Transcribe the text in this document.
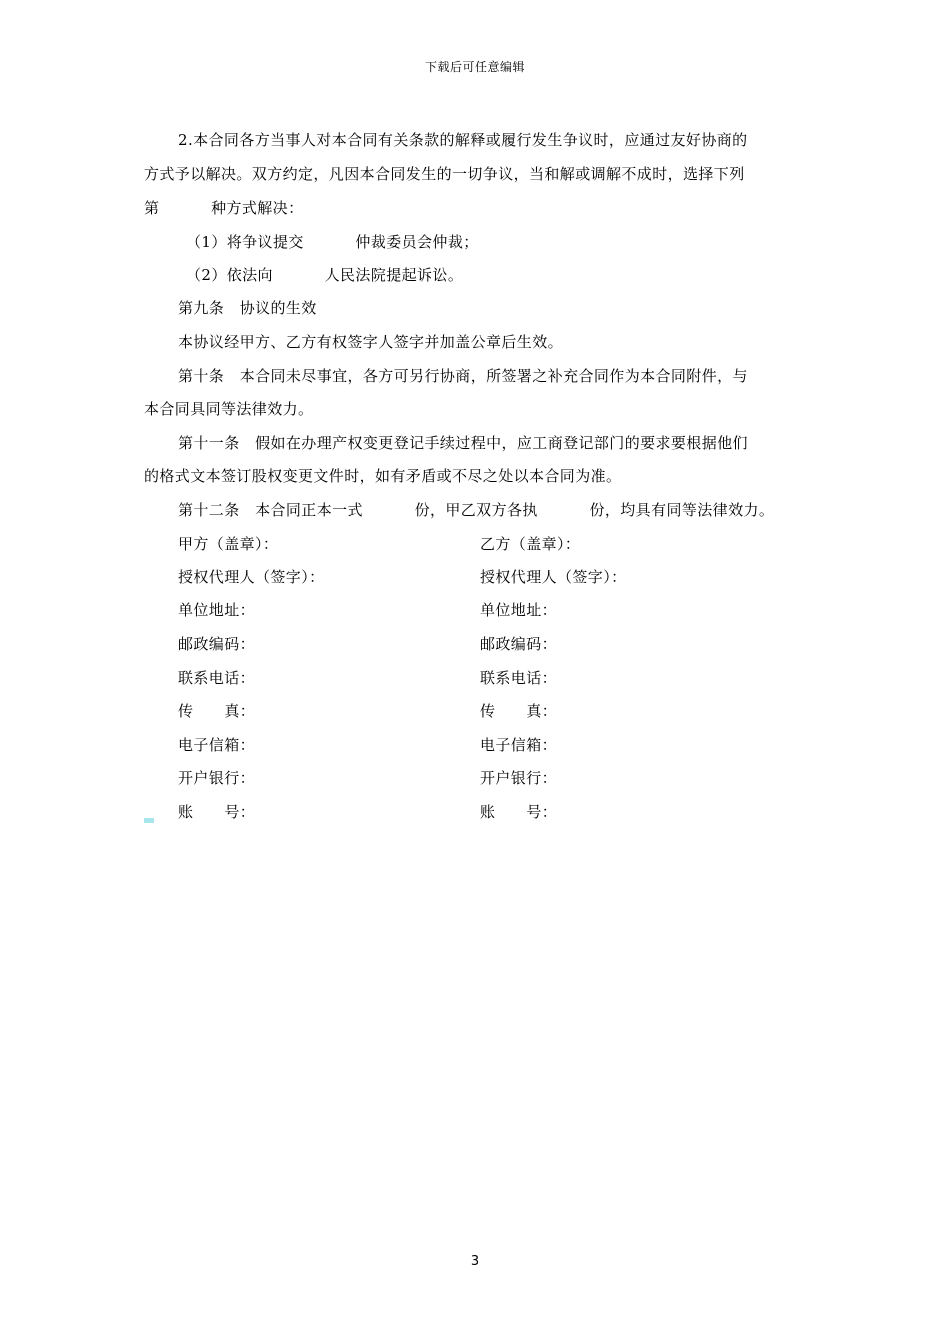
下载后可任意编辑
2.本合同各方当事人对本合同有关条款的解释或履行发生争议时，应通过友好协商的
方式予以解决。双方约定，凡因本合同发生的一切争议，当和解或调解不成时，选择下列
第          种方式解决：
（1）将争议提交          仲裁委员会仲裁；
（2）依法向          人民法院提起诉讼。
第九条   协议的生效
本协议经甲方、乙方有权签字人签字并加盖公章后生效。
第十条   本合同未尽事宜，各方可另行协商，所签署之补充合同作为本合同附件，与
本合同具同等法律效力。
第十一条   假如在办理产权变更登记手续过程中，应工商登记部门的要求要根据他们
的格式文本签订股权变更文件时，如有矛盾或不尽之处以本合同为准。
第十二条   本合同正本一式          份，甲乙双方各执          份，均具有同等法律效力。
甲方（盖章）：	乙方（盖章）：
授权代理人（签字）：	授权代理人（签字）：
单位地址：	单位地址：
邮政编码：	邮政编码：
联系电话：	联系电话：
传      真：	传      真：
电子信箱：	电子信箱：
开户银行：	开户银行：
账      号：	账      号：
3
